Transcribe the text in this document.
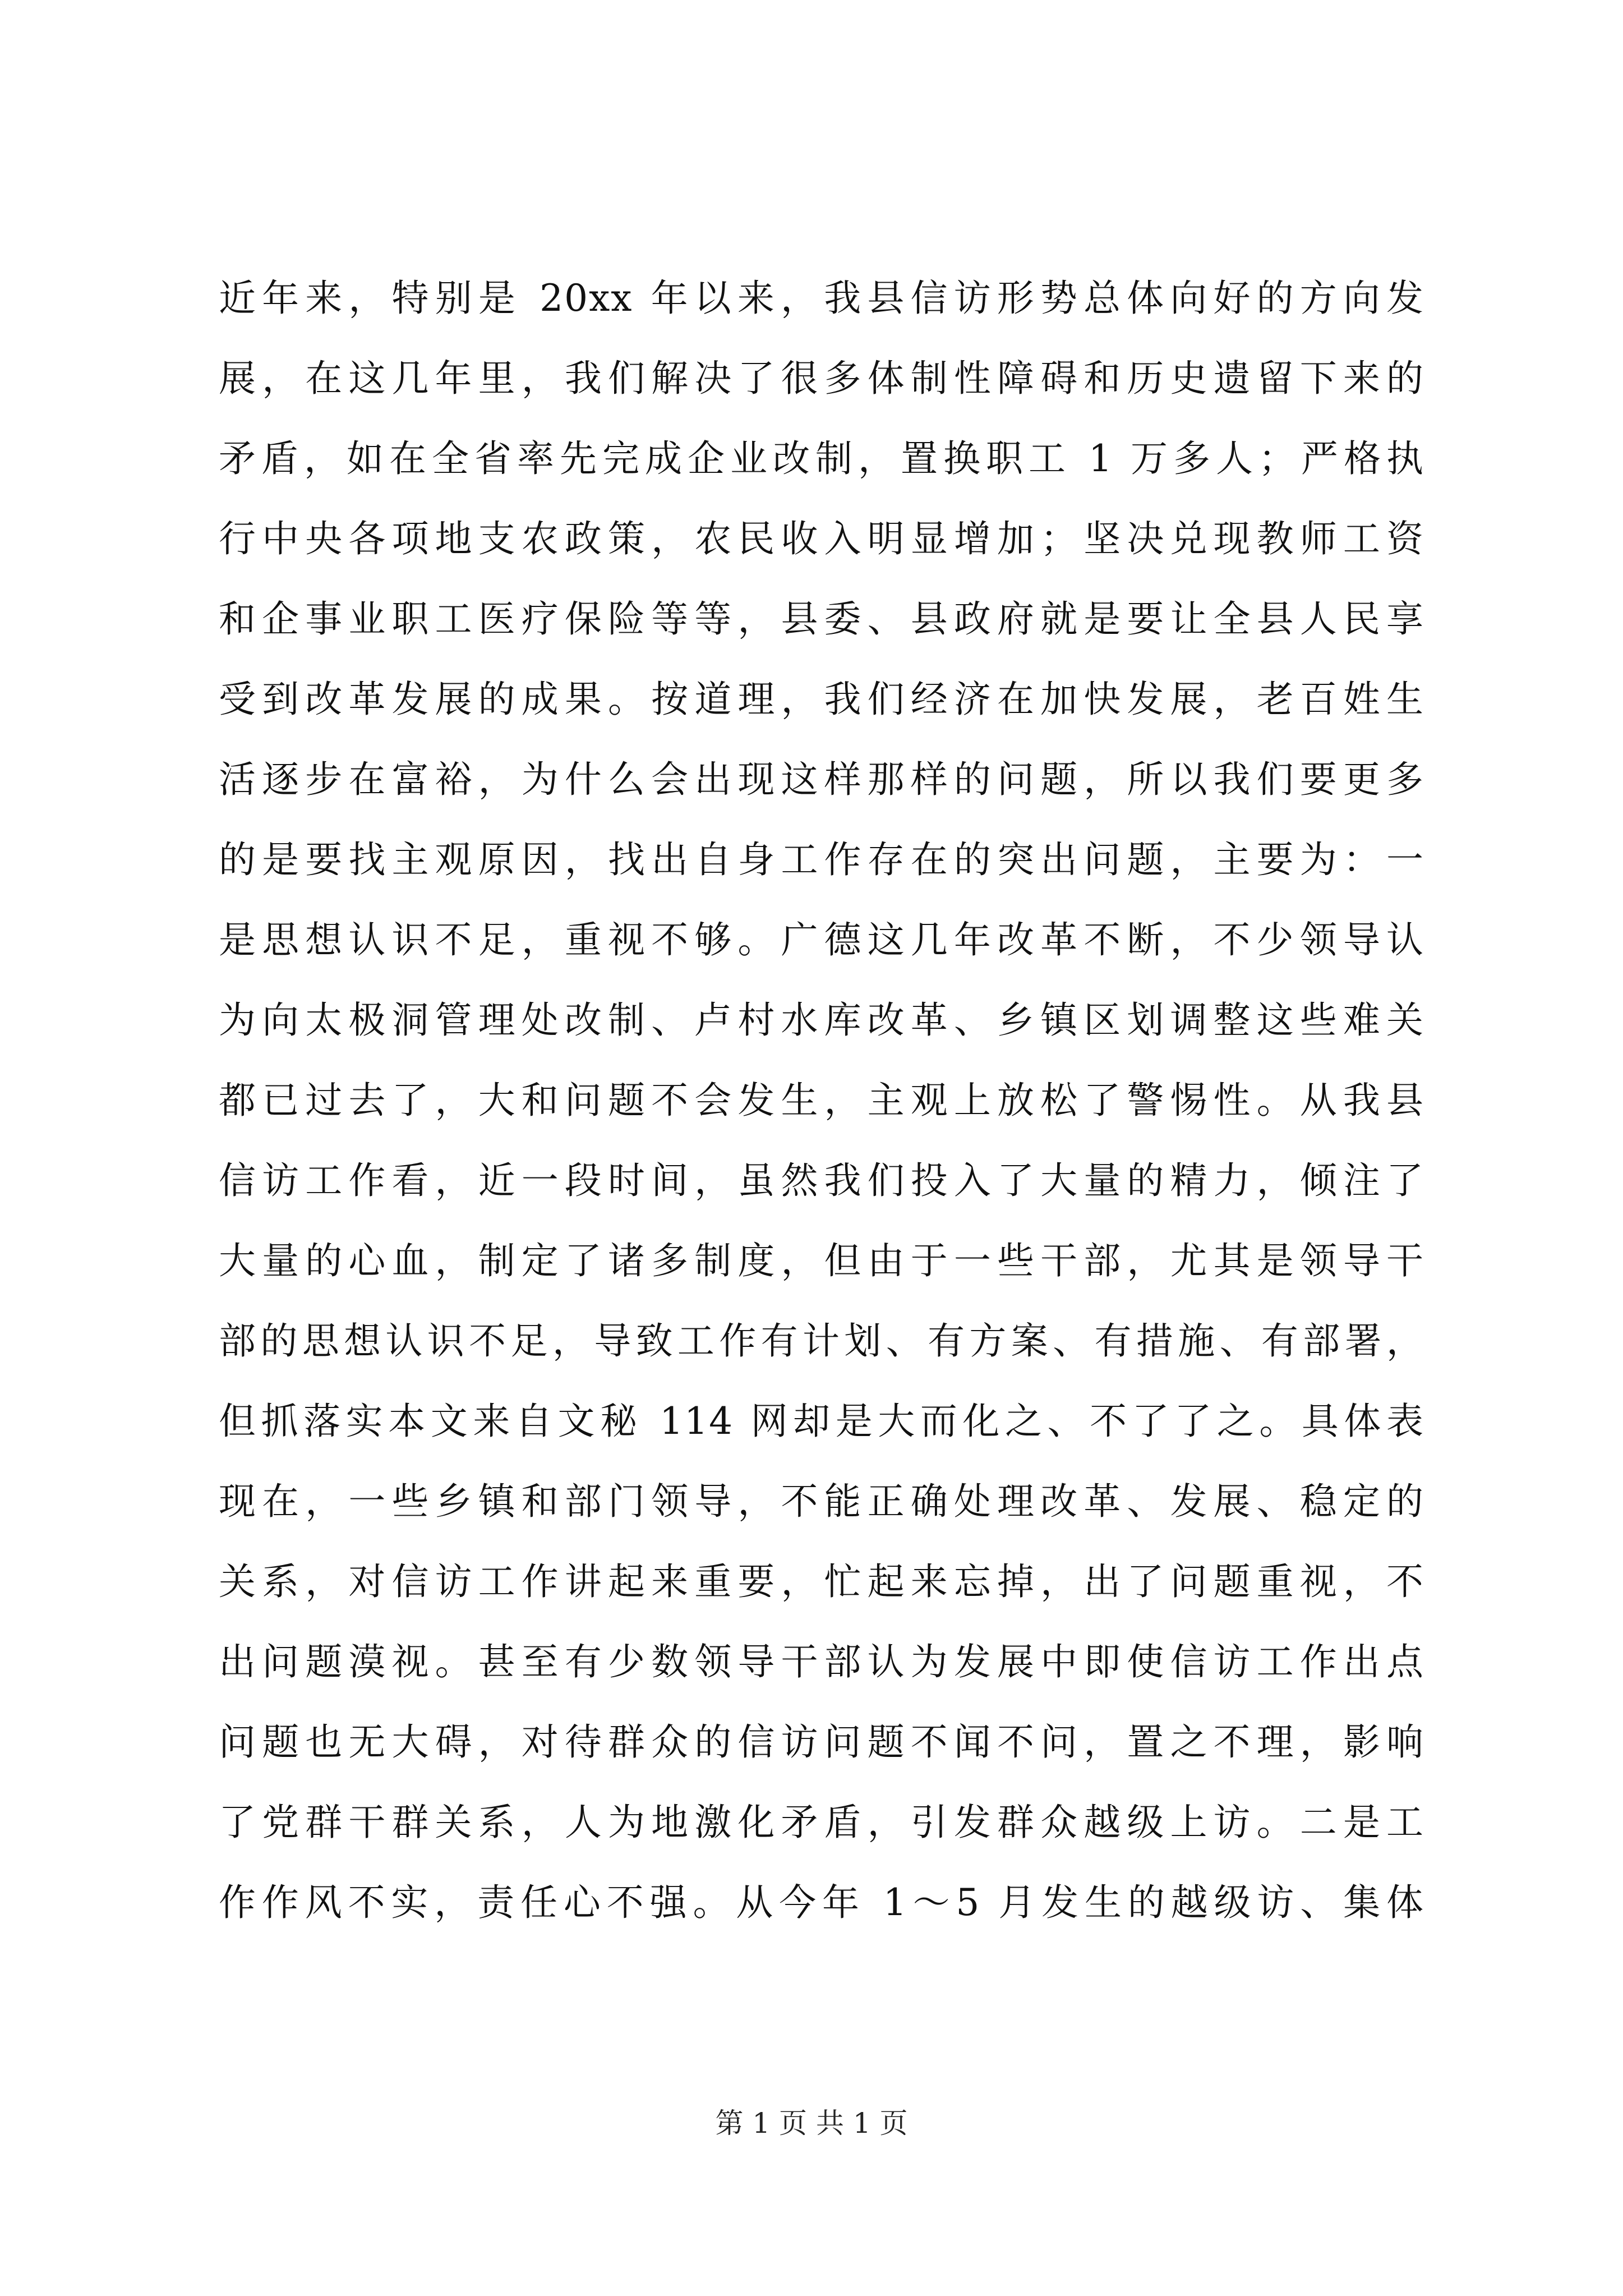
近年来，特别是 20xx 年以来，我县信访形势总体向好的方向发
展，在这几年里，我们解决了很多体制性障碍和历史遗留下来的
矛盾，如在全省率先完成企业改制，置换职工 1 万多人；严格执
行中央各项地支农政策，农民收入明显增加；坚决兑现教师工资
和企事业职工医疗保险等等，县委、县政府就是要让全县人民享
受到改革发展的成果。按道理，我们经济在加快发展，老百姓生
活逐步在富裕，为什么会出现这样那样的问题，所以我们要更多
的是要找主观原因，找出自身工作存在的突出问题，主要为：一
是思想认识不足，重视不够。广德这几年改革不断，不少领导认
为向太极洞管理处改制、卢村水库改革、乡镇区划调整这些难关
都已过去了，大和问题不会发生，主观上放松了警惕性。从我县
信访工作看，近一段时间，虽然我们投入了大量的精力，倾注了
大量的心血，制定了诸多制度，但由于一些干部，尤其是领导干
部的思想认识不足，导致工作有计划、有方案、有措施、有部署，
但抓落实本文来自文秘 114 网却是大而化之、不了了之。具体表
现在，一些乡镇和部门领导，不能正确处理改革、发展、稳定的
关系，对信访工作讲起来重要，忙起来忘掉，出了问题重视，不
出问题漠视。甚至有少数领导干部认为发展中即使信访工作出点
问题也无大碍，对待群众的信访问题不闻不问，置之不理，影响
了党群干群关系，人为地激化矛盾，引发群众越级上访。二是工
作作风不实，责任心不强。从今年 1～5 月发生的越级访、集体
第 1 页 共 1 页
